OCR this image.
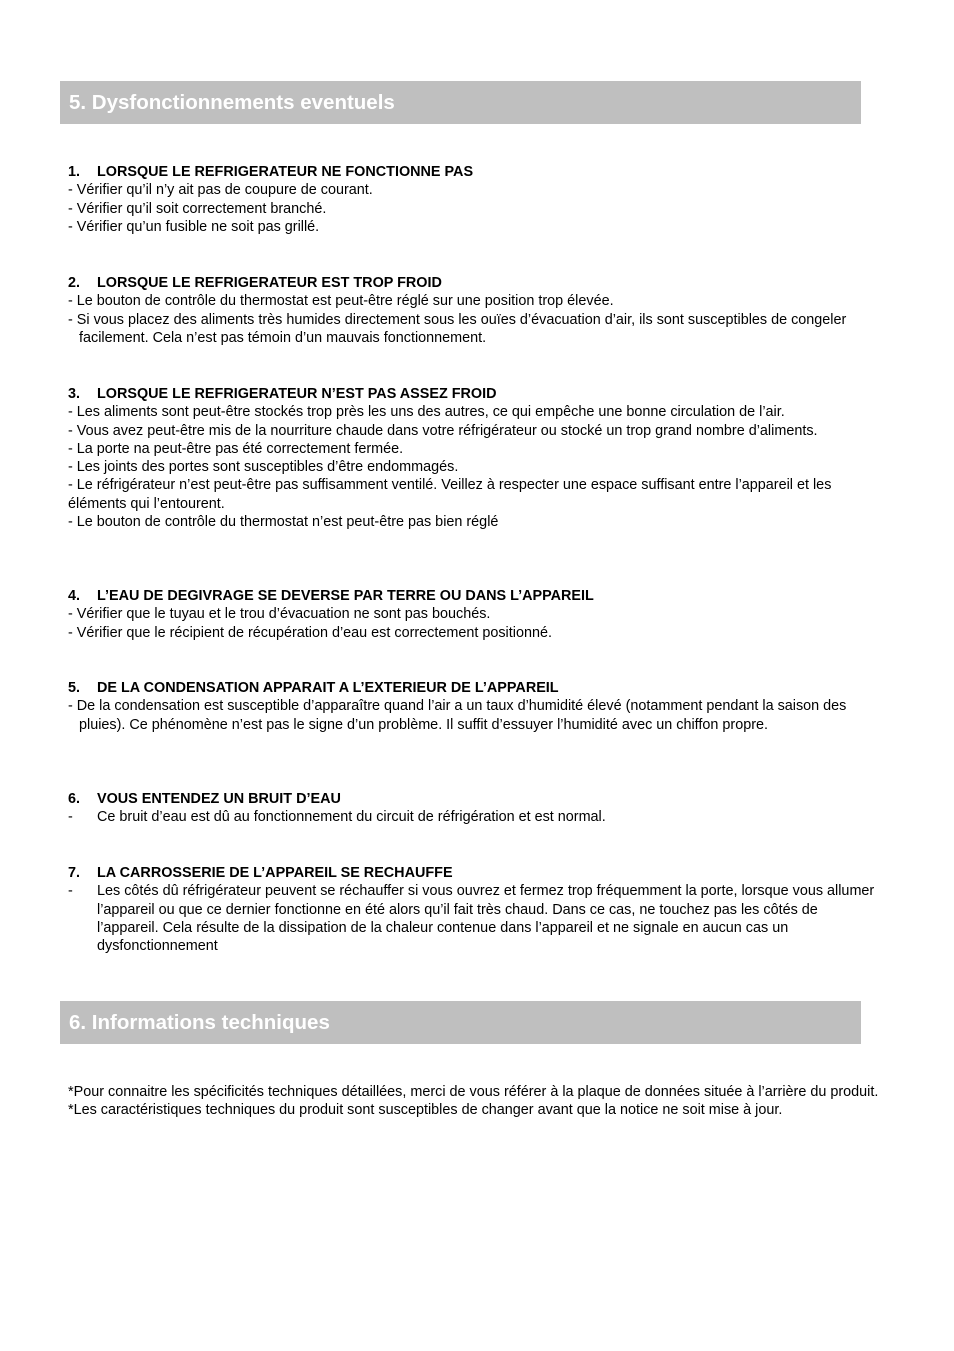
5. Dysfonctionnements eventuels
1.	LORSQUE LE REFRIGERATEUR NE FONCTIONNE PAS

- Vérifier qu’il n’y ait pas de coupure de courant.

- Vérifier qu’il soit correctement branché.

- Vérifier qu’un fusible ne soit pas grillé.

2.	LORSQUE LE REFRIGERATEUR EST TROP FROID

- Le bouton de contrôle du thermostat est peut-être réglé sur une position trop élevée.

- Si vous placez des aliments très humides directement sous les ouïes d’évacuation d’air, ils sont susceptibles de congeler facilement. Cela n’est pas témoin d’un mauvais fonctionnement.

3.	LORSQUE LE REFRIGERATEUR N’EST PAS ASSEZ FROID

- Les aliments sont peut-être stockés trop près les uns des autres, ce qui empêche une bonne circulation de l’air.

- Vous avez peut-être mis de la nourriture chaude dans votre réfrigérateur ou stocké un trop grand nombre d’aliments.

- La porte na peut-être pas été correctement fermée.

- Les joints des portes sont susceptibles d’être endommagés.

- Le réfrigérateur n’est peut-être pas suffisamment ventilé. Veillez à respecter une espace suffisant entre l’appareil et les éléments qui l’entourent.

- Le bouton de contrôle du thermostat n’est peut-être pas bien réglé

4.	L’EAU DE DEGIVRAGE SE DEVERSE PAR TERRE OU DANS L’APPAREIL

- Vérifier que le tuyau et le trou d’évacuation ne sont pas bouchés.

- Vérifier que le récipient de récupération d’eau est correctement positionné.

5.	DE LA CONDENSATION APPARAIT A L’EXTERIEUR DE L’APPAREIL

- De la condensation est susceptible d’apparaître quand l’air a un taux d’humidité élevé (notamment pendant la saison des pluies). Ce phénomène n’est pas le signe d’un problème. Il suffit d’essuyer l’humidité avec un chiffon propre.

6.	VOUS ENTENDEZ UN BRUIT D’EAU
-	Ce bruit d’eau est dû au fonctionnement du circuit de réfrigération et est normal.
7.	LA CARROSSERIE DE L’APPAREIL SE RECHAUFFE
-	Les côtés dû réfrigérateur peuvent se réchauffer si vous ouvrez et fermez trop fréquemment la porte, lorsque vous allumer l’appareil ou que ce dernier fonctionne en été alors qu’il fait très chaud. Dans ce cas, ne touchez pas les côtés de l’appareil. Cela résulte de la dissipation de la chaleur contenue dans l’appareil et ne signale en aucun cas un dysfonctionnement
6. Informations techniques

*Pour connaitre les spécificités techniques détaillées, merci de vous référer à la plaque de données située à l’arrière du produit.

*Les caractéristiques techniques du produit sont susceptibles de changer avant que la notice ne soit mise à jour.
